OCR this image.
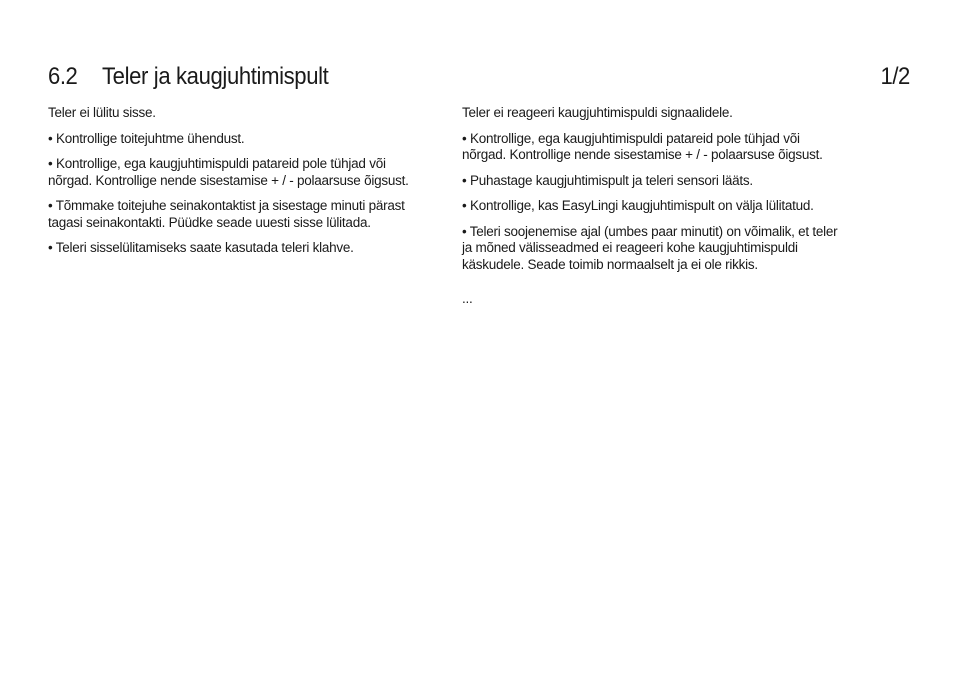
6.2	Teler ja kaugjuhtimispult	1/2

Teler ei lülitu sisse.

• Kontrollige toitejuhtme ühendust.

• Kontrollige, ega kaugjuhtimispuldi patareid pole tühjad või nõrgad. Kontrollige nende sisestamise + / - polaarsuse õigsust.

• Tõmmake toitejuhe seinakontaktist ja sisestage minuti pärast tagasi seinakontakti. Püüdke seade uuesti sisse lülitada.

• Teleri sisselülitamiseks saate kasutada teleri klahve.

Teler ei reageeri kaugjuhtimispuldi signaalidele.

• Kontrollige, ega kaugjuhtimispuldi patareid pole tühjad või nõrgad. Kontrollige nende sisestamise + / - polaarsuse õigsust.

• Puhastage kaugjuhtimispult ja teleri sensori lääts.

• Kontrollige, kas EasyLingi kaugjuhtimispult on välja lülitatud.

• Teleri soojenemise ajal (umbes paar minutit) on võimalik, et teler ja mõned välisseadmed ei reageeri kohe kaugjuhtimispuldi käskudele. Seade toimib normaalselt ja ei ole rikkis.

...
